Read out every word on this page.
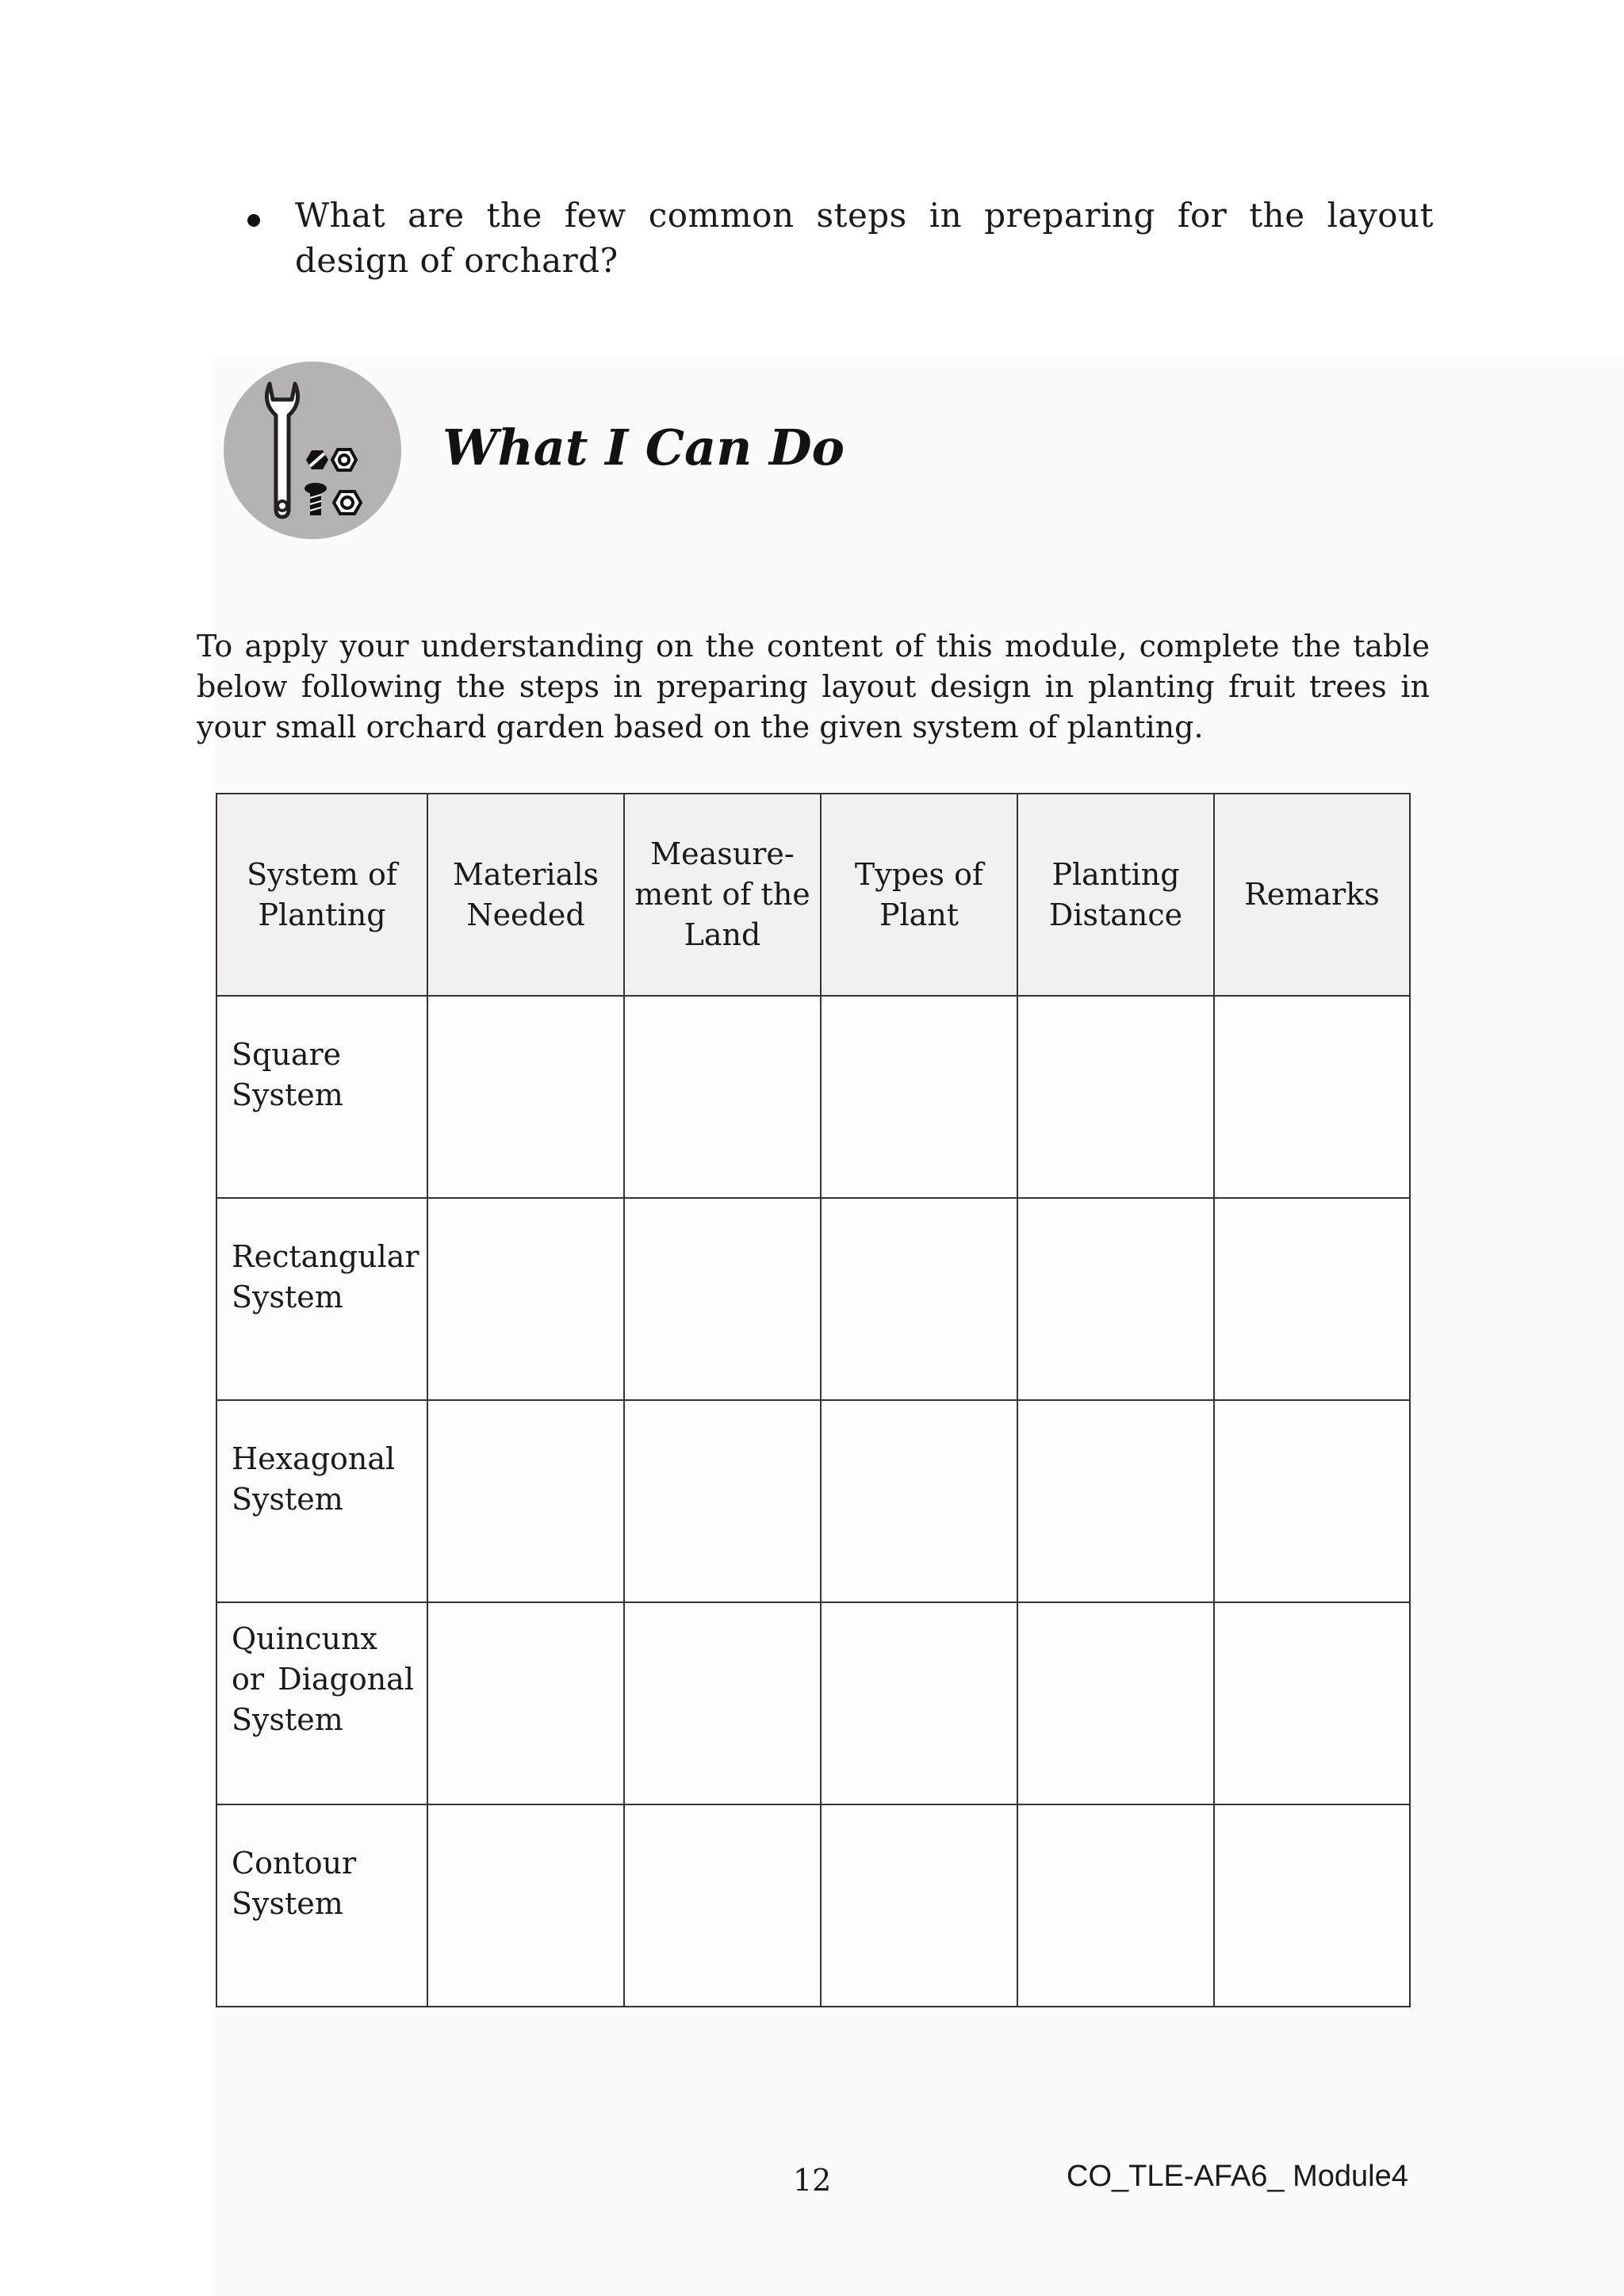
What are the few common steps in preparing for the layout design of orchard?
What I Can Do
To apply your understanding on the content of this module, complete the table below following the steps in preparing layout design in planting fruit trees in your small orchard garden based on the given system of planting.
System of Planting	Materials Needed	Measure-ment of the Land	Types of Plant	Planting Distance	Remarks
Square System					
Rectangular System					
Hexagonal System					
Quincunx or Diagonal System					
Contour System					
12	CO_TLE-AFA6_ Module4
